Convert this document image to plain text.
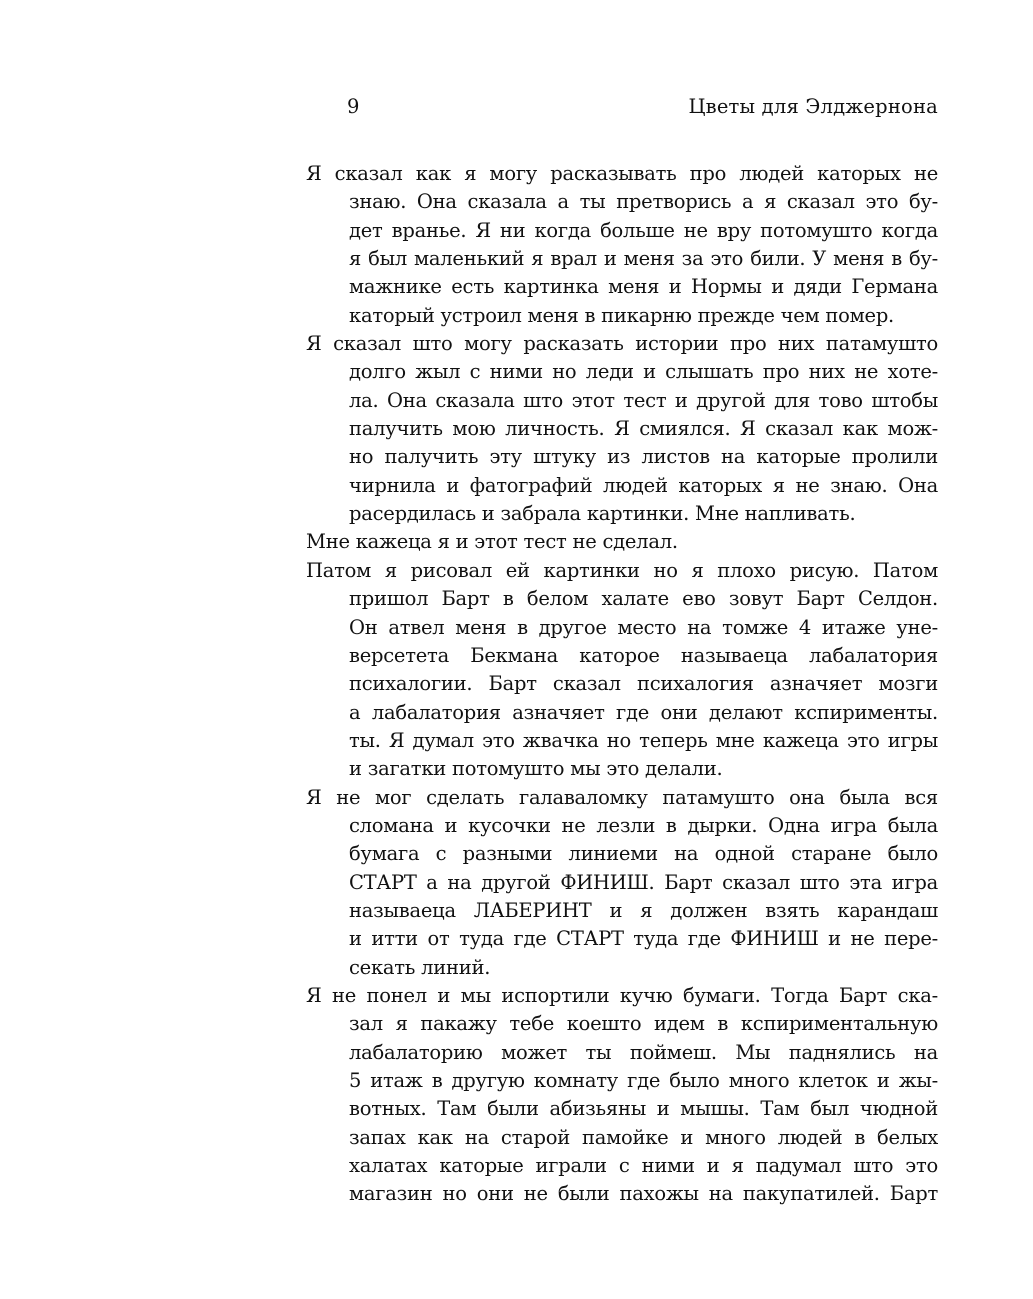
9	Цветы для Элджернона
Я сказал как я могу расказывать про людей каторых не
знаю. Она сказала а ты претворись а я сказал это бу-
дет вранье. Я ни когда больше не вру потомушто когда
я был маленький я врал и меня за это били. У меня в бу-
мажнике есть картинка меня и Нормы и дяди Германа
каторый устроил меня в пикарню прежде чем помер.
Я сказал што могу расказать истории про них патамушто
долго жыл с ними но леди и слышать про них не хоте-
ла. Она сказала што этот тест и другой для тово штобы
палучить мою личность. Я смиялся. Я сказал как мож-
но палучить эту штуку из листов на каторые пролили
чирнила и фатографий людей каторых я не знаю. Она
расердилась и забрала картинки. Мне напливать.
Мне кажеца я и этот тест не сделал.
Патом я рисовал ей картинки но я плохо рисую. Патом
пришол Барт в белом халате ево зовут Барт Селдон.
Он атвел меня в другое место на томже 4 итаже уне-
версетета Бекмана каторое называеца лабалатория
психалогии. Барт сказал психалогия азначяет мозги
а лабалатория азначяет где они делают кспирименты.
ты. Я думал это жвачка но теперь мне кажеца это игры
и загатки потомушто мы это делали.
Я не мог сделать галаваломку патамушто она была вся
сломана и кусочки не лезли в дырки. Одна игра была
бумага с разными линиеми на одной старане было
СТАРТ а на другой ФИНИШ. Барт сказал што эта игра
называеца ЛАБЕРИНТ и я должен взять карандаш
и итти от туда где СТАРТ туда где ФИНИШ и не пере-
секать линий.
Я не понел и мы испортили кучю бумаги. Тогда Барт ска-
зал я пакажу тебе коешто идем в кспириментальную
лабалаторию может ты поймеш. Мы паднялись на
5 итаж в другую комнату где было много клеток и жы-
вотных. Там были абизьяны и мышы. Там был чюдной
запах как на старой памойке и много людей в белых
халатах каторые играли с ними и я падумал што это
магазин но они не были пахожы на пакупатилей. Барт
